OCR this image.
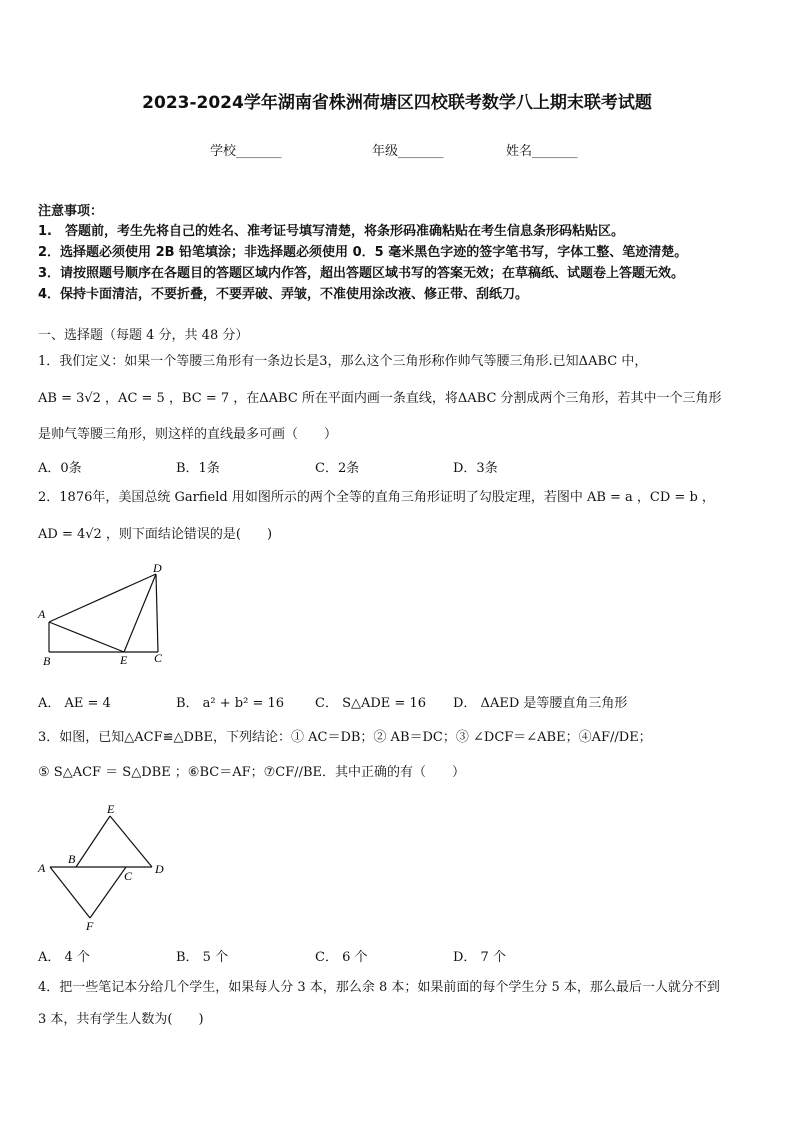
2023-2024学年湖南省株洲荷塘区四校联考数学八上期末联考试题
学校_______	年级_______	姓名_______
注意事项：
1.　答题前，考生先将自己的姓名、准考证号填写清楚，将条形码准确粘贴在考生信息条形码粘贴区。
2．选择题必须使用 2B 铅笔填涂；非选择题必须使用 0．5 毫米黑色字迹的签字笔书写，字体工整、笔迹清楚。
3．请按照题号顺序在各题目的答题区域内作答，超出答题区域书写的答案无效；在草稿纸、试题卷上答题无效。
4．保持卡面清洁，不要折叠，不要弄破、弄皱，不准使用涂改液、修正带、刮纸刀。
一、选择题（每题 4 分，共 48 分）
1．我们定义：如果一个等腰三角形有一条边长是3，那么这个三角形称作帅气等腰三角形.已知ΔABC 中，
AB = 3√2 ，AC = 5 ，BC = 7 ，在ΔABC 所在平面内画一条直线，将ΔABC 分割成两个三角形，若其中一个三角形
是帅气等腰三角形，则这样的直线最多可画（　　）
A．0条	B．1条	C．2条	D．3条
2．1876年，美国总统 Garfield 用如图所示的两个全等的直角三角形证明了勾股定理，若图中 AB = a ，CD = b ，
AD = 4√2 ，则下面结论错误的是(　　)
A
B	C
D
E
A． AE = 4	B． a² + b² = 16 C． S△ADE = 16 D． ΔAED 是等腰直角三角形
3．如图，已知△ACF≌△DBE，下列结论：① AC＝DB；② AB＝DC；③ ∠DCF＝∠ABE；④AF//DE；
⑤ S△ACF ＝ S△DBE ；⑥BC＝AF；⑦CF//BE．其中正确的有（　　）
A
B
C D
E
F
A． 4 个	B． 5 个	C． 6 个	D． 7 个
4．把一些笔记本分给几个学生，如果每人分 3 本，那么余 8 本；如果前面的每个学生分 5 本，那么最后一人就分不到
3 本，共有学生人数为(　　)
